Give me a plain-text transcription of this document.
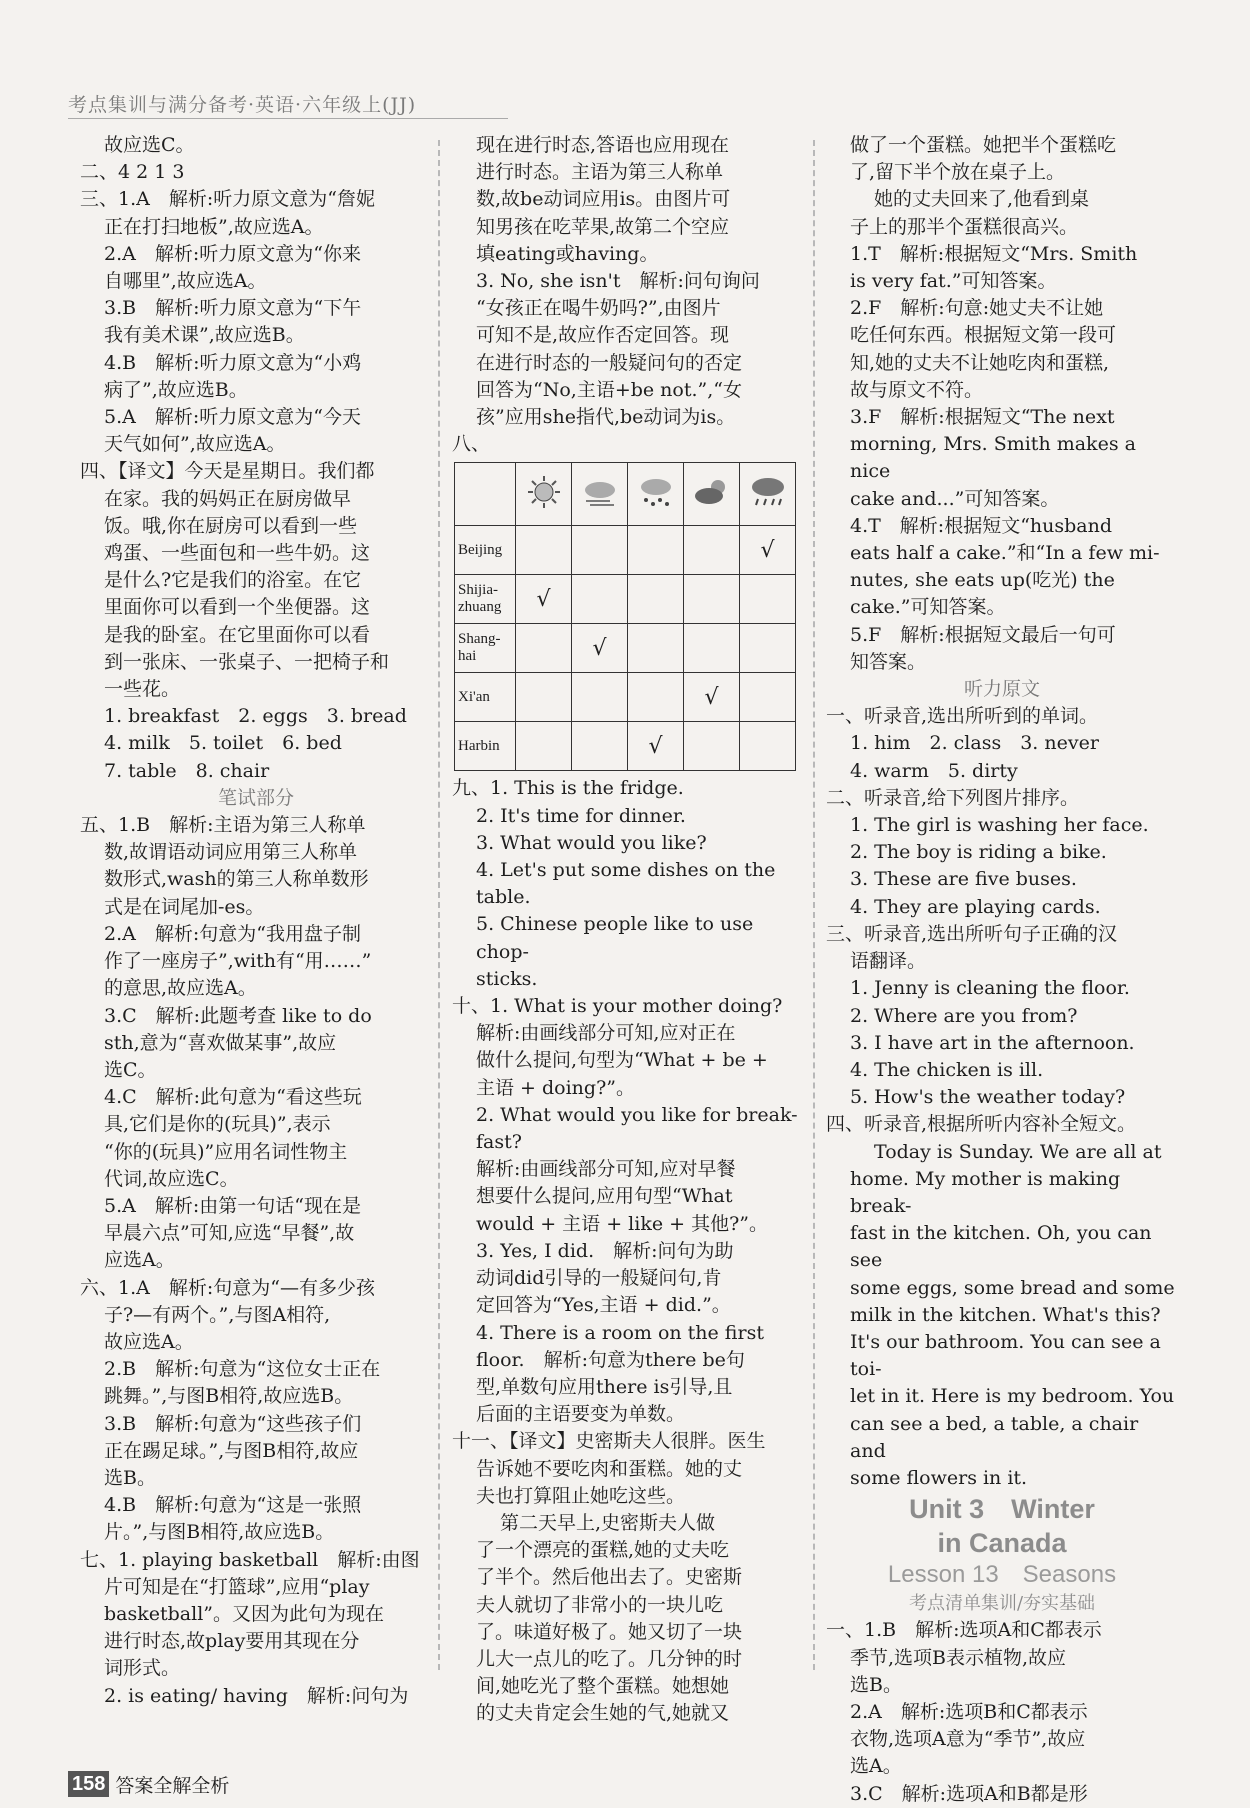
考点集训与满分备考·英语·六年级上(JJ)

故应选C。

二、4 2 1 3

三、1.A　解析:听力原文意为“詹妮

正在打扫地板”,故应选A。

2.A　解析:听力原文意为“你来

自哪里”,故应选A。

3.B　解析:听力原文意为“下午

我有美术课”,故应选B。

4.B　解析:听力原文意为“小鸡

病了”,故应选B。

5.A　解析:听力原文意为“今天

天气如何”,故应选A。

四、【译文】今天是星期日。我们都

在家。我的妈妈正在厨房做早

饭。哦,你在厨房可以看到一些

鸡蛋、一些面包和一些牛奶。这

是什么?它是我们的浴室。在它

里面你可以看到一个坐便器。这

是我的卧室。在它里面你可以看

到一张床、一张桌子、一把椅子和

一些花。

1. breakfast　2. eggs　3. bread

4. milk　5. toilet　6. bed

7. table　8. chair

笔试部分

五、1.B　解析:主语为第三人称单

数,故谓语动词应用第三人称单

数形式,wash的第三人称单数形

式是在词尾加-es。

2.A　解析:句意为“我用盘子制

作了一座房子”,with有“用……”

的意思,故应选A。

3.C　解析:此题考查 like to do

sth,意为“喜欢做某事”,故应

选C。

4.C　解析:此句意为“看这些玩

具,它们是你的(玩具)”,表示

“你的(玩具)”应用名词性物主

代词,故应选C。

5.A　解析:由第一句话“现在是

早晨六点”可知,应选“早餐”,故

应选A。

六、1.A　解析:句意为“—有多少孩

子?—有两个。”,与图A相符,

故应选A。

2.B　解析:句意为“这位女士正在

跳舞。”,与图B相符,故应选B。

3.B　解析:句意为“这些孩子们

正在踢足球。”,与图B相符,故应

选B。

4.B　解析:句意为“这是一张照

片。”,与图B相符,故应选B。

七、1. playing basketball　解析:由图

片可知是在“打篮球”,应用“play

basketball”。又因为此句为现在

进行时态,故play要用其现在分

词形式。

2. is eating/ having　解析:问句为

现在进行时态,答语也应用现在

进行时态。主语为第三人称单

数,故be动词应用is。由图片可

知男孩在吃苹果,故第二个空应

填eating或having。

3. No, she isn't　解析:问句询问

“女孩正在喝牛奶吗?”,由图片

可知不是,故应作否定回答。现

在进行时态的一般疑问句的否定

回答为“No,主语+be not.”,“女

孩”应用she指代,be动词为is。

八、

Beijing					√
Shijia-zhuang	√				
Shang-hai		√			
Xi'an				√	
Harbin			√		

九、1. This is the fridge.

2. It's time for dinner.

3. What would you like?

4. Let's put some dishes on the

table.

5. Chinese people like to use chop-

sticks.

十、1. What is your mother doing?

解析:由画线部分可知,应对正在

做什么提问,句型为“What + be +

主语 + doing?”。

2. What would you like for break-

fast?

解析:由画线部分可知,应对早餐

想要什么提问,应用句型“What

would + 主语 + like + 其他?”。

3. Yes, I did.　解析:问句为助

动词did引导的一般疑问句,肯

定回答为“Yes,主语 + did.”。

4. There is a room on the first

floor.　解析:句意为there be句

型,单数句应用there is引导,且

后面的主语要变为单数。

十一、【译文】史密斯夫人很胖。医生

告诉她不要吃肉和蛋糕。她的丈

夫也打算阻止她吃这些。

第二天早上,史密斯夫人做

了一个漂亮的蛋糕,她的丈夫吃

了半个。然后他出去了。史密斯

夫人就切了非常小的一块儿吃

了。味道好极了。她又切了一块

儿大一点儿的吃了。几分钟的时

间,她吃光了整个蛋糕。她想她

的丈夫肯定会生她的气,她就又

做了一个蛋糕。她把半个蛋糕吃

了,留下半个放在桌子上。

她的丈夫回来了,他看到桌

子上的那半个蛋糕很高兴。

1.T　解析:根据短文“Mrs. Smith

is very fat.”可知答案。

2.F　解析:句意:她丈夫不让她

吃任何东西。根据短文第一段可

知,她的丈夫不让她吃肉和蛋糕,

故与原文不符。

3.F　解析:根据短文“The next

morning, Mrs. Smith makes a nice

cake and...”可知答案。

4.T　解析:根据短文“husband

eats half a cake.”和“In a few mi-

nutes, she eats up(吃光) the

cake.”可知答案。

5.F　解析:根据短文最后一句可

知答案。

听力原文

一、听录音,选出所听到的单词。

1. him　2. class　3. never

4. warm　5. dirty

二、听录音,给下列图片排序。

1. The girl is washing her face.

2. The boy is riding a bike.

3. These are five buses.

4. They are playing cards.

三、听录音,选出所听句子正确的汉

语翻译。

1. Jenny is cleaning the floor.

2. Where are you from?

3. I have art in the afternoon.

4. The chicken is ill.

5. How's the weather today?

四、听录音,根据所听内容补全短文。

Today is Sunday. We are all at

home. My mother is making break-

fast in the kitchen. Oh, you can see

some eggs, some bread and some

milk in the kitchen. What's this?

It's our bathroom. You can see a toi-

let in it. Here is my bedroom. You

can see a bed, a table, a chair and

some flowers in it.

Unit 3　Winter
in Canada
Lesson 13　Seasons
考点清单集训/夯实基础

一、1.B　解析:选项A和C都表示

季节,选项B表示植物,故应

选B。

2.A　解析:选项B和C都表示

衣物,选项A意为“季节”,故应

选A。

3.C　解析:选项A和B都是形

158 答案全解全析
